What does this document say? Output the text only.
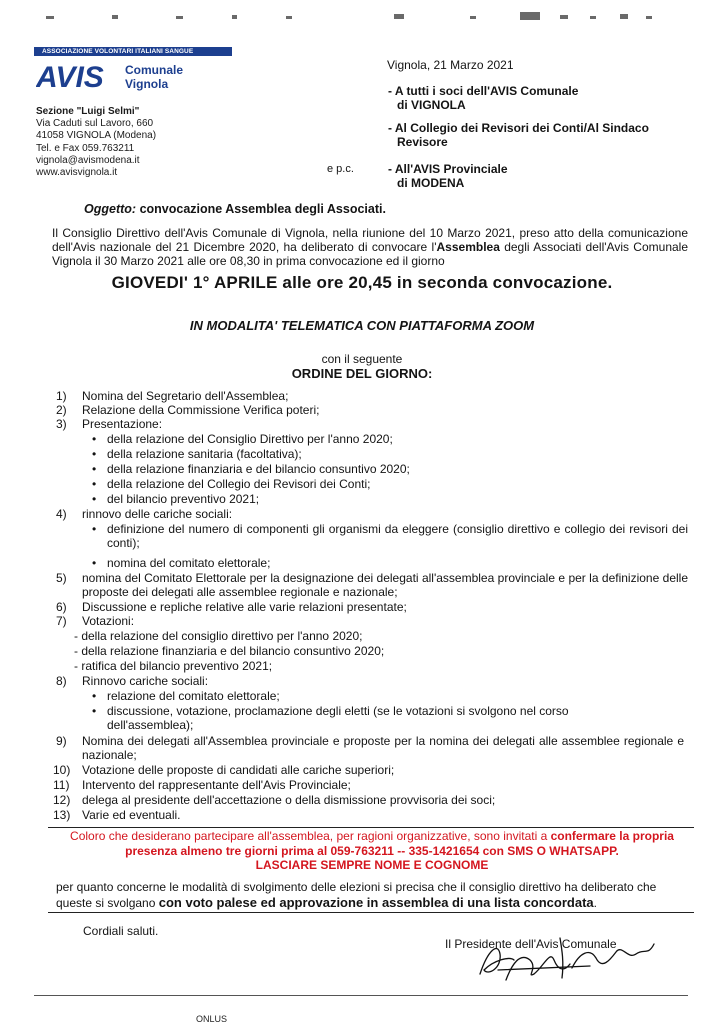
ASSOCIAZIONE VOLONTARI ITALIANI SANGUE
AVIS Comunale
Vignola
Sezione "Luigi Selmi"
Via Caduti sul Lavoro, 660
41058 VIGNOLA (Modena)
Tel. e Fax 059.763211
vignola@avismodena.it
www.avisvignola.it
Vignola, 21 Marzo 2021
- A tutti i soci dell'AVIS Comunale
di VIGNOLA
- Al Collegio dei Revisori dei Conti/Al Sindaco
Revisore
e p.c.	- All'AVIS Provinciale
di MODENA
Oggetto: convocazione Assemblea degli Associati.
Il Consiglio Direttivo dell'Avis Comunale di Vignola, nella riunione del 10 Marzo 2021, preso atto della comunicazione dell'Avis nazionale del 21 Dicembre 2020, ha deliberato di convocare l'Assemblea degli Associati dell'Avis Comunale Vignola il 30 Marzo 2021 alle ore 08,30 in prima convocazione ed il giorno
GIOVEDI' 1° APRILE alle ore 20,45 in seconda convocazione.
IN MODALITA' TELEMATICA CON PIATTAFORMA ZOOM
con il seguente
ORDINE DEL GIORNO:
1) Nomina del Segretario dell'Assemblea;
2) Relazione della Commissione Verifica poteri;
3) Presentazione:
• della relazione del Consiglio Direttivo per l'anno 2020;
• della relazione sanitaria (facoltativa);
• della relazione finanziaria e del bilancio consuntivo 2020;
• della relazione del Collegio dei Revisori dei Conti;
• del bilancio preventivo 2021;
4) rinnovo delle cariche sociali:
• definizione del numero di componenti gli organismi da eleggere (consiglio direttivo e collegio dei revisori dei conti);
• nomina del comitato elettorale;
5) nomina del Comitato Elettorale per la designazione dei delegati all'assemblea provinciale e per la definizione delle proposte dei delegati alle assemblee regionale e nazionale;
6) Discussione e repliche relative alle varie relazioni presentate;
7) Votazioni:
- della relazione del consiglio direttivo per l'anno 2020;
- della relazione finanziaria e del bilancio consuntivo 2020;
- ratifica del bilancio preventivo 2021;
8) Rinnovo cariche sociali:
• relazione del comitato elettorale;
• discussione, votazione, proclamazione degli eletti (se le votazioni si svolgono nel corso dell'assemblea);
9) Nomina dei delegati all'Assemblea provinciale e proposte per la nomina dei delegati alle assemblee regionale e nazionale;
10) Votazione delle proposte di candidati alle cariche superiori;
11) Intervento del rappresentante dell'Avis Provinciale;
12) delega al presidente dell'accettazione o della dismissione provvisoria dei soci;
13) Varie ed eventuali.
Coloro che desiderano partecipare all'assemblea, per ragioni organizzative, sono invitati a confermare la propria presenza almeno tre giorni prima al 059-763211 -- 335-1421654 con SMS O WHATSAPP.
LASCIARE SEMPRE NOME E COGNOME
per quanto concerne le modalità di svolgimento delle elezioni si precisa che il consiglio direttivo ha deliberato che queste si svolgano con voto palese ed approvazione in assemblea di una lista concordata.
Cordiali saluti.
Il Presidente dell'Avis Comunale
ONLUS
